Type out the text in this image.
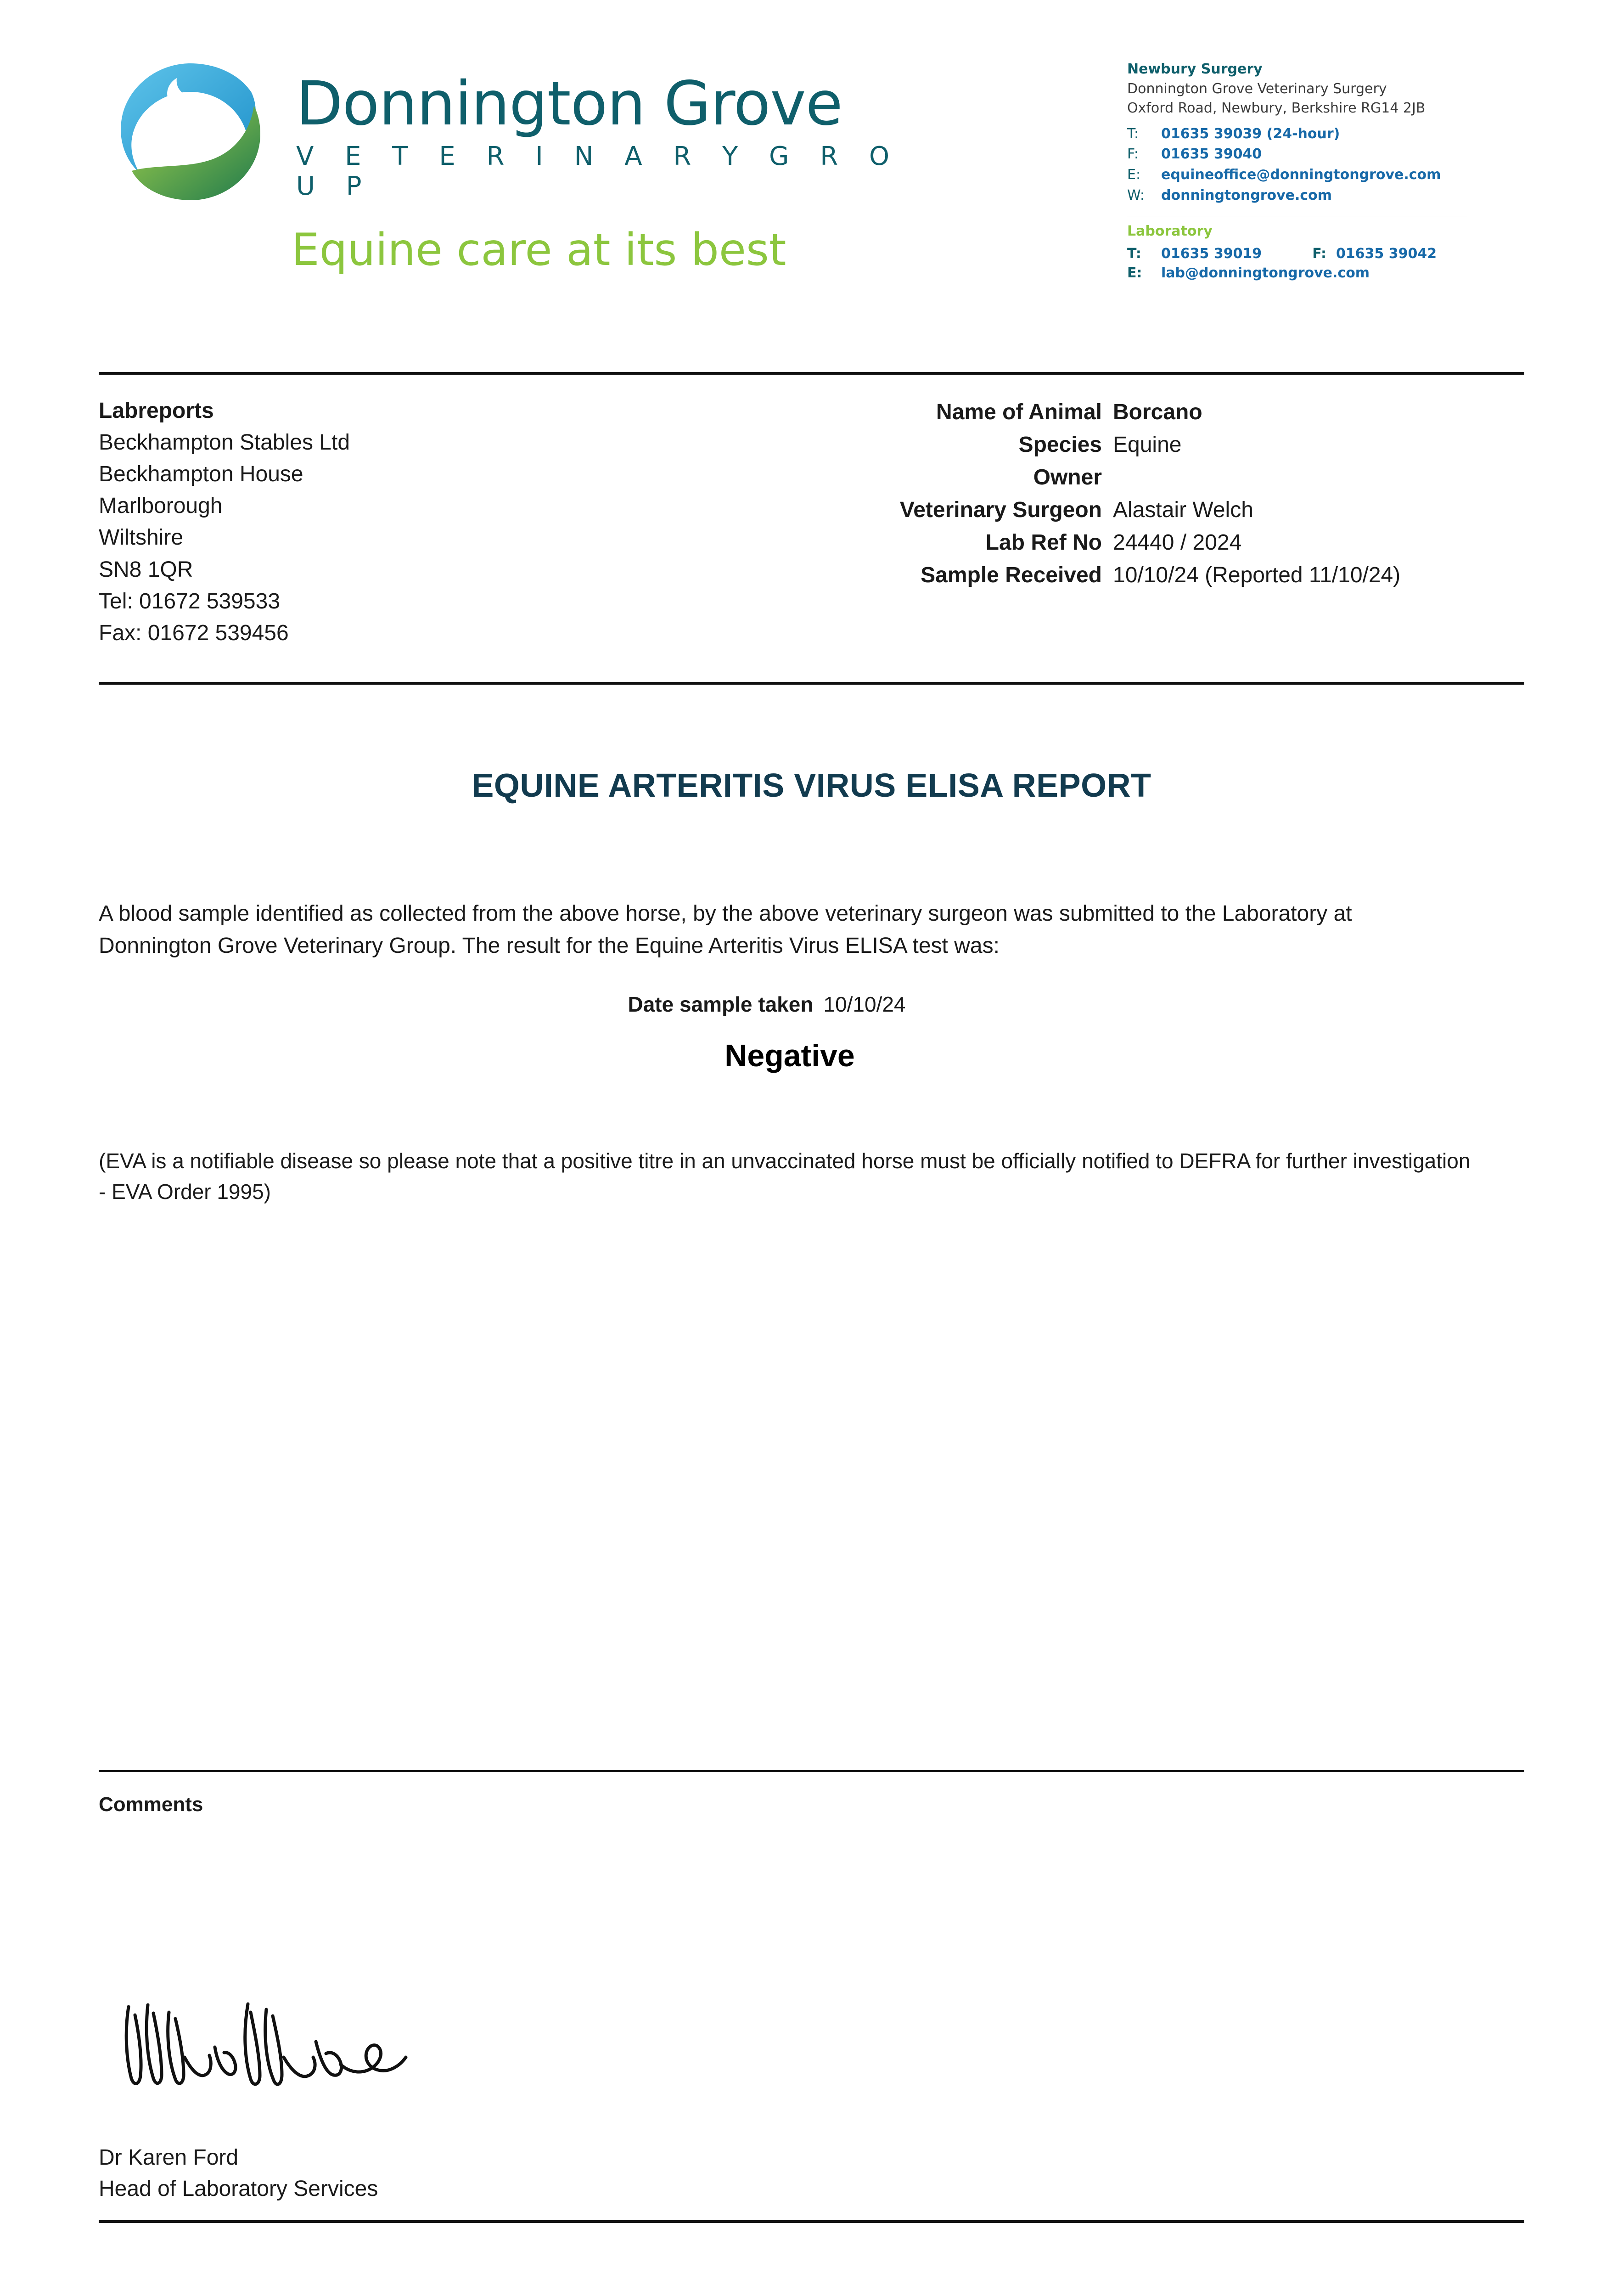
Donnington Grove
V E T E R I N A R Y G R O U P
Equine care at its best
Newbury Surgery
Donnington Grove Veterinary Surgery
Oxford Road, Newbury, Berkshire RG14 2JB
T:	01635 39039 (24-hour)
F:	01635 39040
E:	equineoffice@donningtongrove.com
W:	donningtongrove.com
Laboratory
T: 01635 39019	F: 01635 39042
E: lab@donningtongrove.com
Labreports
Beckhampton Stables Ltd
Beckhampton House
Marlborough
Wiltshire
SN8 1QR
Tel: 01672 539533
Fax: 01672 539456
Name of Animal	Borcano
Species	Equine
Owner	
Veterinary Surgeon	Alastair Welch
Lab Ref No	24440 / 2024
Sample Received	10/10/24 (Reported 11/10/24)
EQUINE ARTERITIS VIRUS ELISA REPORT
A blood sample identified as collected from the above horse, by the above veterinary surgeon was submitted to the Laboratory at Donnington Grove Veterinary Group. The result for the Equine Arteritis Virus ELISA test was:
Date sample taken 10/10/24
Negative
(EVA is a notifiable disease so please note that a positive titre in an unvaccinated horse must be officially notified to DEFRA for further investigation - EVA Order 1995)
Comments
Dr Karen Ford
Head of Laboratory Services
